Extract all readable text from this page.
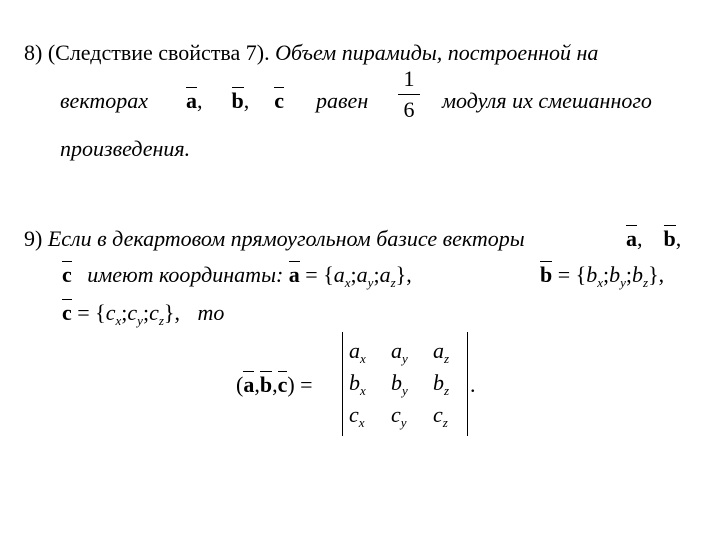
8) (Следствие свойства 7). Объем пирамиды, построенной на
векторах a, b, c равен
1
6 модуля их смешанного
произведения.
9) Если в декартовом прямоугольном базисе векторы	a,  b,
c имеют координаты: $a = \{a_x;a_y;a_z\}$,	$b = \{b_x;b_y;b_z\}$,
$c = \{c_x;c_y;c_z\}$, то
(a,b,c) =
$a_x$ $a_y$ $a_z$
$b_x$ $b_y$ $b_z$
$c_x$ $c_y$ $c_z$
.
